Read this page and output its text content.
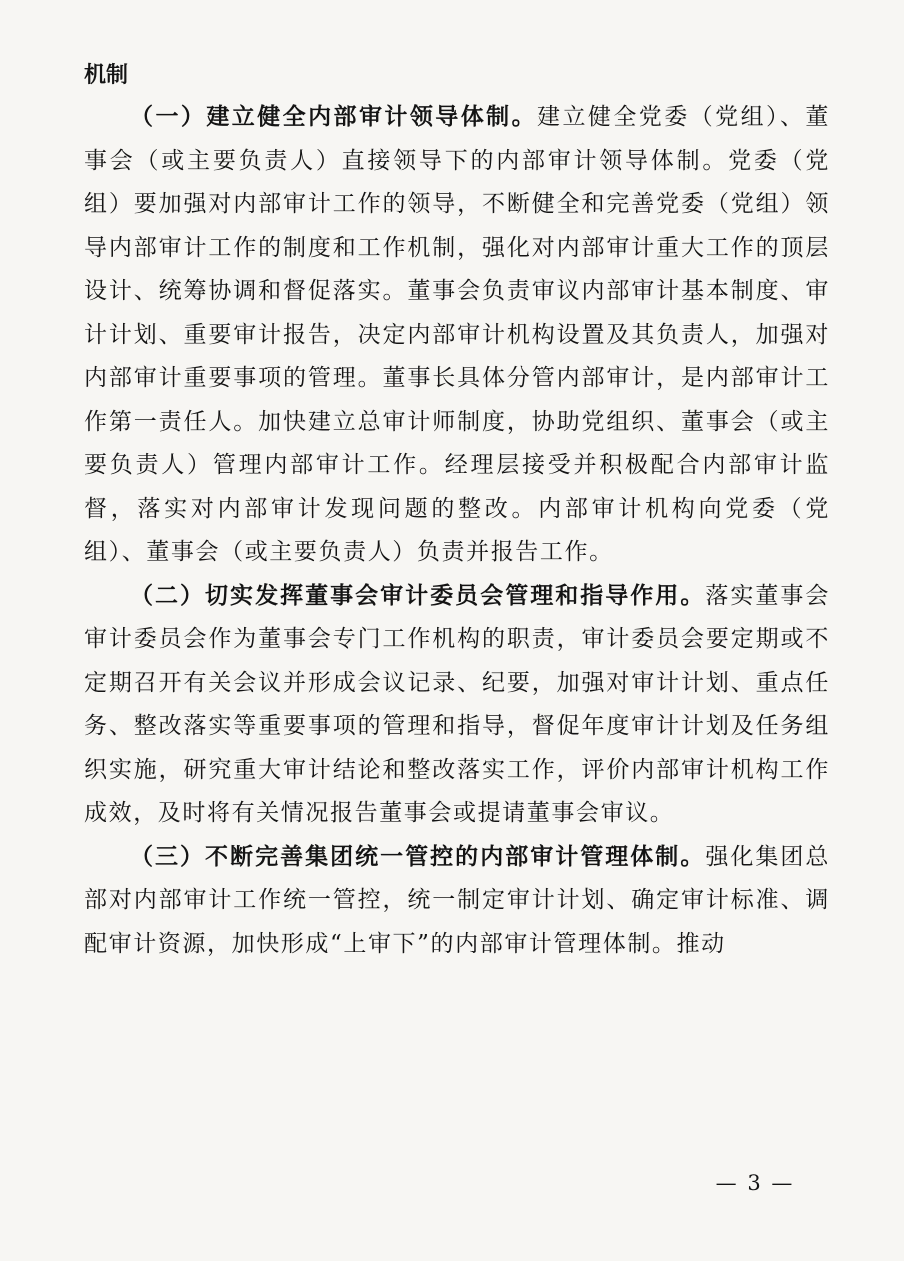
机制

（一）建立健全内部审计领导体制。建立健全党委（党组）、董事会（或主要负责人）直接领导下的内部审计领导体制。党委（党组）要加强对内部审计工作的领导，不断健全和完善党委（党组）领导内部审计工作的制度和工作机制，强化对内部审计重大工作的顶层设计、统筹协调和督促落实。董事会负责审议内部审计基本制度、审计计划、重要审计报告，决定内部审计机构设置及其负责人，加强对内部审计重要事项的管理。董事长具体分管内部审计，是内部审计工作第一责任人。加快建立总审计师制度，协助党组织、董事会（或主要负责人）管理内部审计工作。经理层接受并积极配合内部审计监督，落实对内部审计发现问题的整改。内部审计机构向党委（党组）、董事会（或主要负责人）负责并报告工作。

（二）切实发挥董事会审计委员会管理和指导作用。落实董事会审计委员会作为董事会专门工作机构的职责，审计委员会要定期或不定期召开有关会议并形成会议记录、纪要，加强对审计计划、重点任务、整改落实等重要事项的管理和指导，督促年度审计计划及任务组织实施，研究重大审计结论和整改落实工作，评价内部审计机构工作成效，及时将有关情况报告董事会或提请董事会审议。

（三）不断完善集团统一管控的内部审计管理体制。强化集团总部对内部审计工作统一管控，统一制定审计计划、确定审计标准、调配审计资源，加快形成“上审下”的内部审计管理体制。推动

— 3 —
